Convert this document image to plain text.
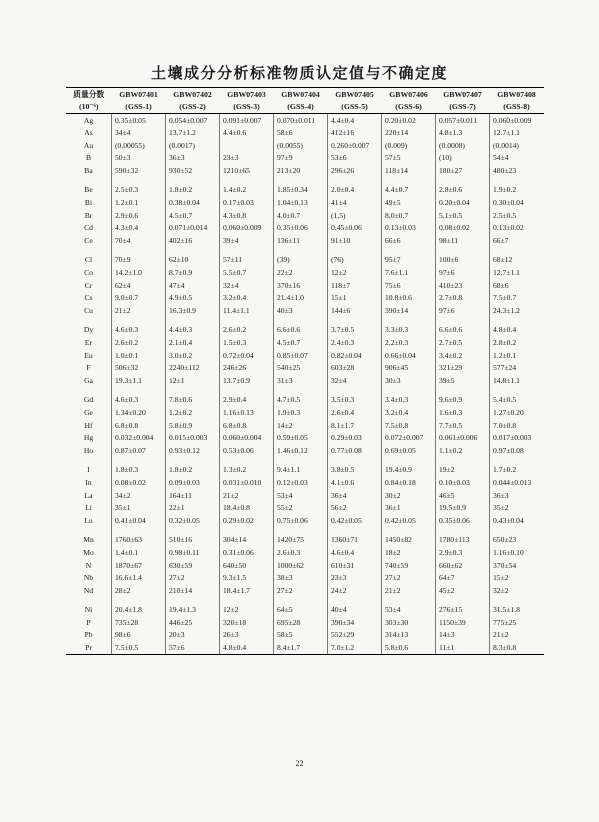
土壤成分分析标准物质认定值与不确定度
质量分数	GBW07401	GBW07402	GBW07403	GBW07404	GBW07405	GBW07406	GBW07407	GBW07408
(10⁻⁶)	(GSS-1)	(GSS-2)	(GSS-3)	(GSS-4)	(GSS-5)	(GSS-6)	(GSS-7)	(GSS-8)
Ag	0.35±0.05	0.054±0.007	0.091±0.007	0.070±0.011	4.4±0.4	0.20±0.02	0.057±0.011	0.060±0.009
As	34±4	13.7±1.2	4.4±0.6	58±6	412±16	220±14	4.8±1.3	12.7±1.1
Au	(0.00055)	(0.0017)		(0.0055)	0.260±0.007	(0.009)	(0.0008)	(0.0014)
B	50±3	36±3	23±3	97±9	53±6	57±5	(10)	54±4
Ba	590±32	930±52	1210±65	213±20	296±26	118±14	180±27	480±23

Be	2.5±0.3	1.8±0.2	1.4±0.2	1.85±0.34	2.0±0.4	4.4±0.7	2.8±0.6	1.9±0.2
Bi	1.2±0.1	0.38±0.04	0.17±0.03	1.04±0.13	41±4	49±5	0.20±0.04	0.30±0.04
Br	2.9±0.6	4.5±0.7	4.3±0.8	4.0±0.7	(1.5)	8.0±0.7	5.1±0.5	2.5±0.5
Cd	4.3±0.4	0.071±0.014	0.060±0.009	0.35±0.06	0.45±0.06	0.13±0.03	0.08±0.02	0.13±0.02
Ce	70±4	402±16	39±4	136±11	91±10	66±6	98±11	66±7

Cl	70±9	62±10	57±11	(39)	(76)	95±7	100±6	68±12
Co	14.2±1.0	8.7±0.9	5.5±0.7	22±2	12±2	7.6±1.1	97±6	12.7±1.1
Cr	62±4	47±4	32±4	370±16	118±7	75±6	410±23	68±6
Cs	9.0±0.7	4.9±0.5	3.2±0.4	21.4±1.0	15±1	10.8±0.6	2.7±0.8	7.5±0.7
Cu	21±2	16.3±0.9	11.4±1.1	40±3	144±6	390±14	97±6	24.3±1.2

Dy	4.6±0.3	4.4±0.3	2.6±0.2	6.6±0.6	3.7±0.5	3.3±0.3	6.6±0.6	4.8±0.4
Er	2.6±0.2	2.1±0.4	1.5±0.3	4.5±0.7	2.4±0.3	2.2±0.3	2.7±0.5	2.8±0.2
Eu	1.0±0.1	3.0±0.2	0.72±0.04	0.85±0.07	0.82±0.04	0.66±0.04	3.4±0.2	1.2±0.1
F	506±32	2240±112	246±26	540±25	603±28	906±45	321±29	577±24
Ga	19.3±1.1	12±1	13.7±0.9	31±3	32±4	30±3	39±5	14.8±1.1

Gd	4.6±0.3	7.8±0.6	2.9±0.4	4.7±0.5	3.5±0.3	3.4±0.3	9.6±0.9	5.4±0.5
Ge	1.34±0.20	1.2±0.2	1.16±0.13	1.9±0.3	2.6±0.4	3.2±0.4	1.6±0.3	1.27±0.20
Hf	6.8±0.8	5.8±0.9	6.8±0.8	14±2	8.1±1.7	7.5±0.8	7.7±0.5	7.0±0.8
Hg	0.032±0.004	0.015±0.003	0.060±0.004	0.59±0.05	0.29±0.03	0.072±0.007	0.061±0.006	0.017±0.003
Ho	0.87±0.07	0.93±0.12	0.53±0.06	1.46±0.12	0.77±0.08	0.69±0.05	1.1±0.2	0.97±0.08

I	1.8±0.3	1.8±0.2	1.3±0.2	9.4±1.1	3.8±0.5	19.4±0.9	19±2	1.7±0.2
In	0.08±0.02	0.09±0.03	0.031±0.010	0.12±0.03	4.1±0.6	0.84±0.18	0.10±0.03	0.044±0.013
La	34±2	164±11	21±2	53±4	36±4	30±2	46±5	36±3
Li	35±1	22±1	18.4±0.8	55±2	56±2	36±1	19.5±0.9	35±2
Lu	0.41±0.04	0.32±0.05	0.29±0.02	0.75±0.06	0.42±0.05	0.42±0.05	0.35±0.06	0.43±0.04

Mn	1760±63	510±16	304±14	1420±75	1360±71	1450±82	1780±113	650±23
Mo	1.4±0.1	0.98±0.11	0.31±0.06	2.6±0.3	4.6±0.4	18±2	2.9±0.3	1.16±0.10
N	1870±67	630±59	640±50	1000±62	610±31	740±59	660±62	370±54
Nb	16.6±1.4	27±2	9.3±1.5	38±3	23±3	27±2	64±7	15±2
Nd	28±2	210±14	18.4±1.7	27±2	24±2	21±2	45±2	32±2

Ni	20.4±1.8	19.4±1.3	12±2	64±5	40±4	53±4	276±15	31.5±1.8
P	735±28	446±25	320±18	695±28	390±34	303±30	1150±39	775±25
Pb	98±6	20±3	26±3	58±5	552±29	314±13	14±3	21±2
Pr	7.5±0.5	57±6	4.8±0.4	8.4±1.7	7.0±1.2	5.8±0.6	11±1	8.3±0.8
22
